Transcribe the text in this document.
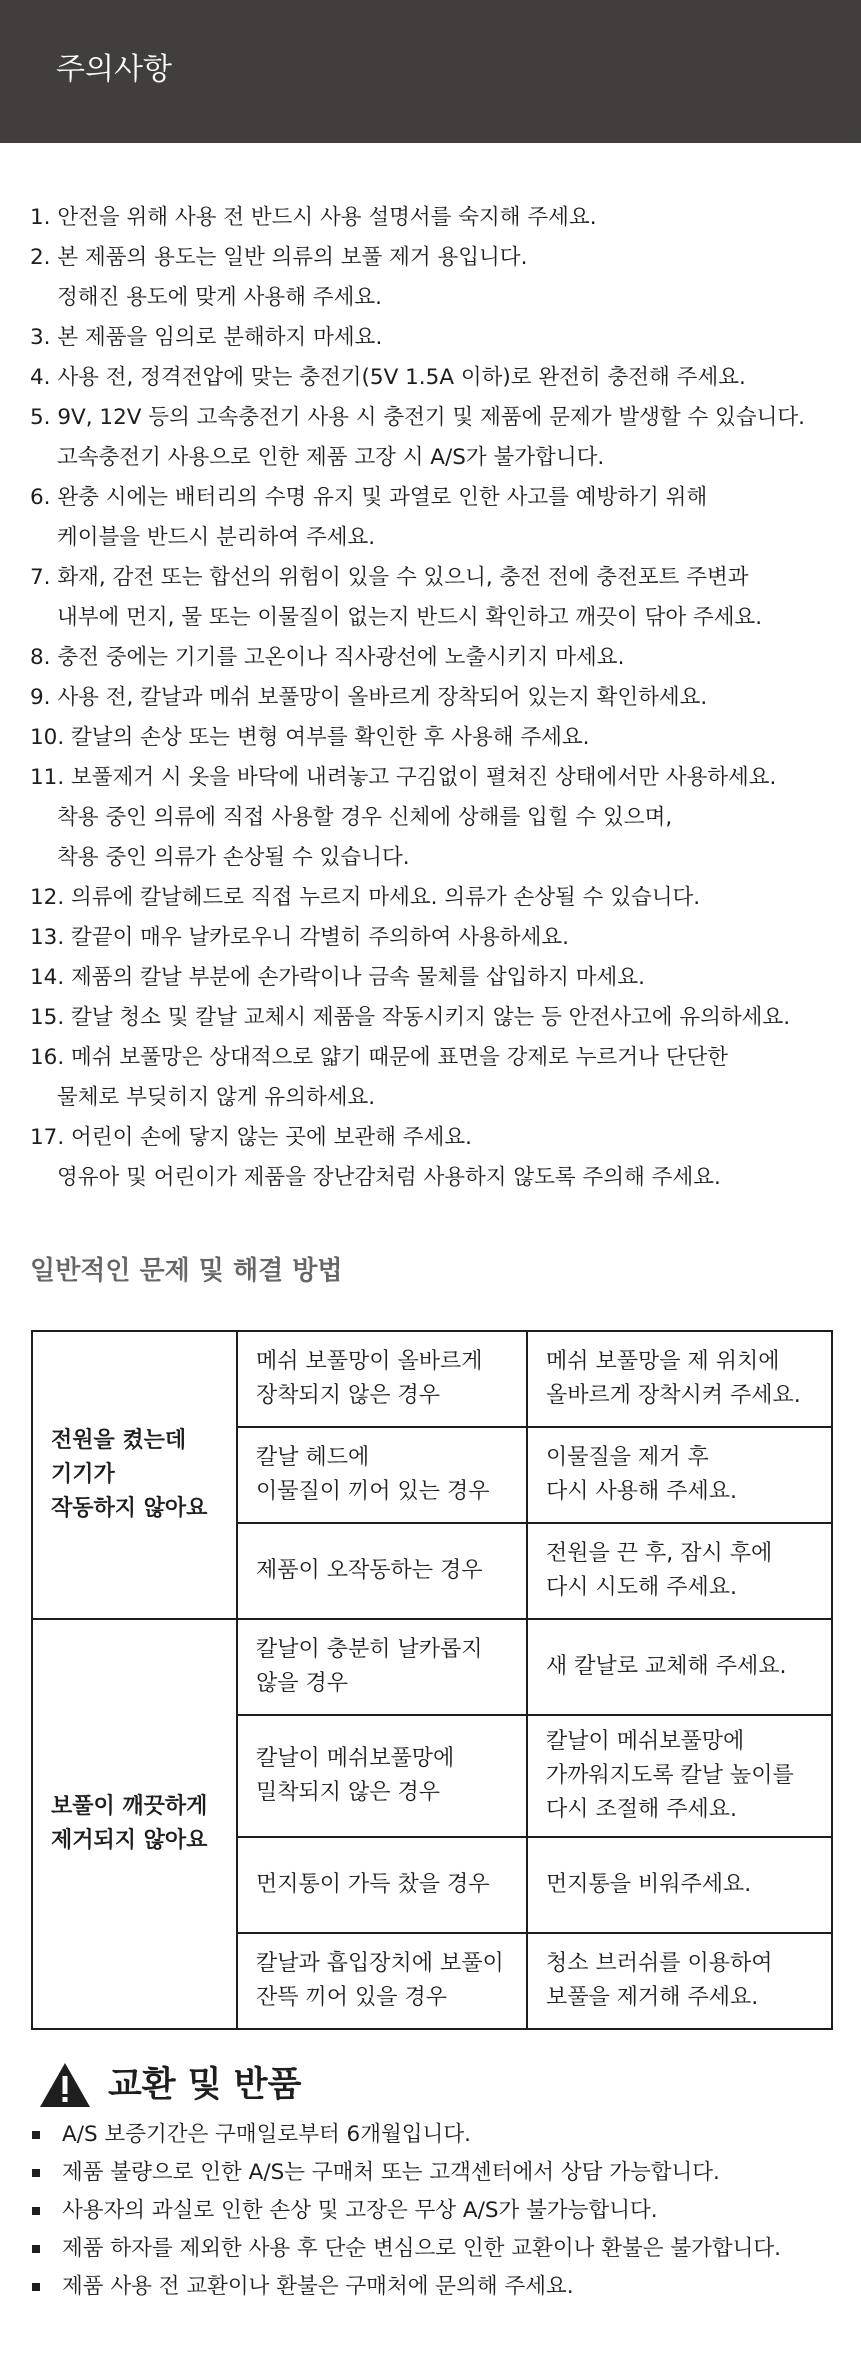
주의사항
1. 안전을 위해 사용 전 반드시 사용 설명서를 숙지해 주세요.
2. 본 제품의 용도는 일반 의류의 보풀 제거 용입니다.
정해진 용도에 맞게 사용해 주세요.
3. 본 제품을 임의로 분해하지 마세요.
4. 사용 전, 정격전압에 맞는 충전기(5V 1.5A 이하)로 완전히 충전해 주세요.
5. 9V, 12V 등의 고속충전기 사용 시 충전기 및 제품에 문제가 발생할 수 있습니다.
고속충전기 사용으로 인한 제품 고장 시 A/S가 불가합니다.
6. 완충 시에는 배터리의 수명 유지 및 과열로 인한 사고를 예방하기 위해
케이블을 반드시 분리하여 주세요.
7. 화재, 감전 또는 합선의 위험이 있을 수 있으니, 충전 전에 충전포트 주변과
내부에 먼지, 물 또는 이물질이 없는지 반드시 확인하고 깨끗이 닦아 주세요.
8. 충전 중에는 기기를 고온이나 직사광선에 노출시키지 마세요.
9. 사용 전, 칼날과 메쉬 보풀망이 올바르게 장착되어 있는지 확인하세요.
10. 칼날의 손상 또는 변형 여부를 확인한 후 사용해 주세요.
11. 보풀제거 시 옷을 바닥에 내려놓고 구김없이 펼쳐진 상태에서만 사용하세요.
착용 중인 의류에 직접 사용할 경우 신체에 상해를 입힐 수 있으며,
착용 중인 의류가 손상될 수 있습니다.
12. 의류에 칼날헤드로 직접 누르지 마세요. 의류가 손상될 수 있습니다.
13. 칼끝이 매우 날카로우니 각별히 주의하여 사용하세요.
14. 제품의 칼날 부분에 손가락이나 금속 물체를 삽입하지 마세요.
15. 칼날 청소 및 칼날 교체시 제품을 작동시키지 않는 등 안전사고에 유의하세요.
16. 메쉬 보풀망은 상대적으로 얇기 때문에 표면을 강제로 누르거나 단단한
물체로 부딪히지 않게 유의하세요.
17. 어린이 손에 닿지 않는 곳에 보관해 주세요.
영유아 및 어린이가 제품을 장난감처럼 사용하지 않도록 주의해 주세요.
일반적인 문제 및 해결 방법
전원을 켰는데
기기가
작동하지 않아요	메쉬 보풀망이 올바르게
장착되지 않은 경우	메쉬 보풀망을 제 위치에
올바르게 장착시켜 주세요.

	칼날 헤드에
이물질이 끼어 있는 경우	이물질을 제거 후
다시 사용해 주세요.

	제품이 오작동하는 경우	전원을 끈 후, 잠시 후에
다시 시도해 주세요.

보풀이 깨끗하게
제거되지 않아요	칼날이 충분히 날카롭지
않을 경우	새 칼날로 교체해 주세요.

	칼날이 메쉬보풀망에
밀착되지 않은 경우	칼날이 메쉬보풀망에
가까워지도록 칼날 높이를
다시 조절해 주세요.

	먼지통이 가득 찼을 경우	먼지통을 비워주세요.

	칼날과 흡입장치에 보풀이
잔뜩 끼어 있을 경우	청소 브러쉬를 이용하여
보풀을 제거해 주세요.
교환 및 반품
A/S 보증기간은 구매일로부터 6개월입니다.
제품 불량으로 인한 A/S는 구매처 또는 고객센터에서 상담 가능합니다.
사용자의 과실로 인한 손상 및 고장은 무상 A/S가 불가능합니다.
제품 하자를 제외한 사용 후 단순 변심으로 인한 교환이나 환불은 불가합니다.
제품 사용 전 교환이나 환불은 구매처에 문의해 주세요.
